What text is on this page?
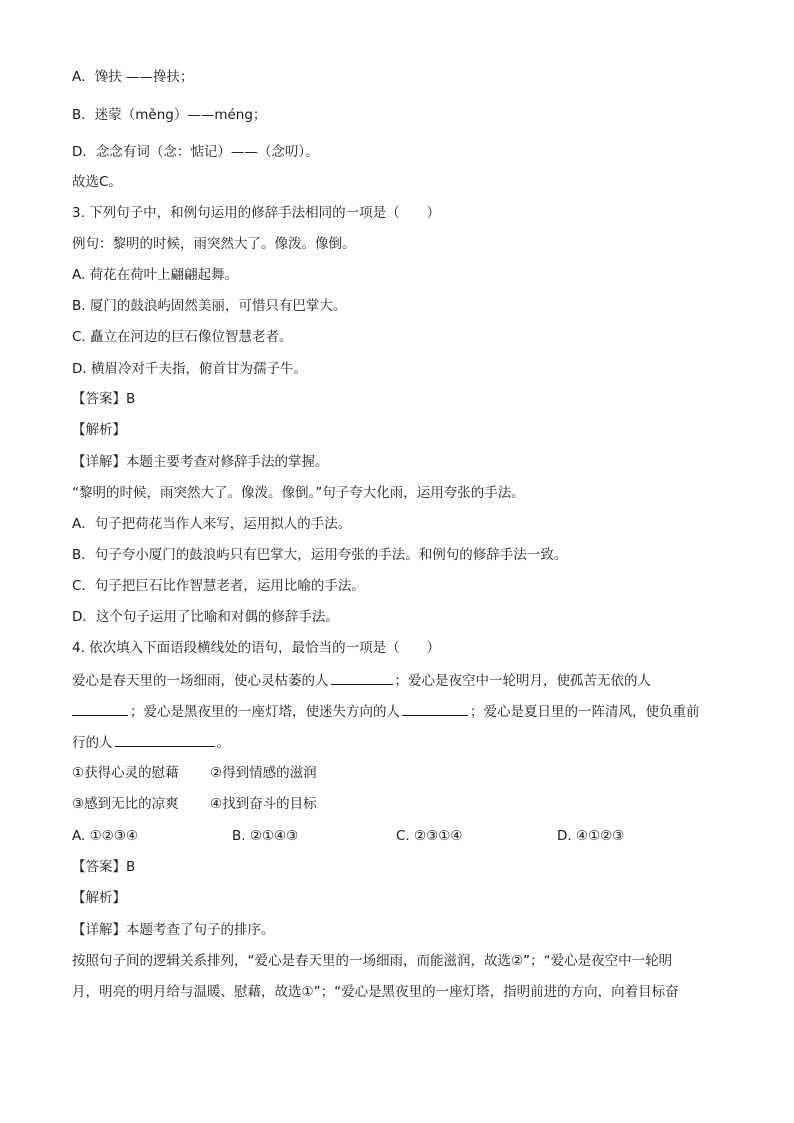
A．馋扶 ——搀扶；
B．迷蒙（měng）——méng；
D．念念有词（念：惦记）——（念叨）。
故选C。
3. 下列句子中，和例句运用的修辞手法相同的一项是（　　）
例句：黎明的时候，雨突然大了。像泼。像倒。
A. 荷花在荷叶上翩翩起舞。
B. 厦门的鼓浪屿固然美丽，可惜只有巴掌大。
C. 矗立在河边的巨石像位智慧老者。
D. 横眉冷对千夫指，俯首甘为孺子牛。
【答案】B
【解析】
【详解】本题主要考查对修辞手法的掌握。
“黎明的时候，雨突然大了。像泼。像倒。”句子夸大化雨，运用夸张的手法。
A．句子把荷花当作人来写，运用拟人的手法。
B．句子夸小厦门的鼓浪屿只有巴掌大，运用夸张的手法。和例句的修辞手法一致。
C．句子把巨石比作智慧老者，运用比喻的手法。
D．这个句子运用了比喻和对偶的修辞手法。
4. 依次填入下面语段横线处的语句，最恰当的一项是（　　）
爱心是春天里的一场细雨，使心灵枯萎的人	；爱心是夜空中一轮明月，使孤苦无依的人
；爱心是黑夜里的一座灯塔，使迷失方向的人	；爱心是夏日里的一阵清风，使负重前
行的人	。
①获得心灵的慰藉	②得到情感的滋润
③感到无比的凉爽	④找到奋斗的目标
A. ①②③④	B. ②①④③	C. ②③①④	D. ④①②③
【答案】B
【解析】
【详解】本题考查了句子的排序。
按照句子间的逻辑关系排列，“爱心是春天里的一场细雨，而能滋润，故选②”；“爱心是夜空中一轮明
月，明亮的明月给与温暖、慰藉，故选①”；“爱心是黑夜里的一座灯塔，指明前进的方向，向着目标奋
